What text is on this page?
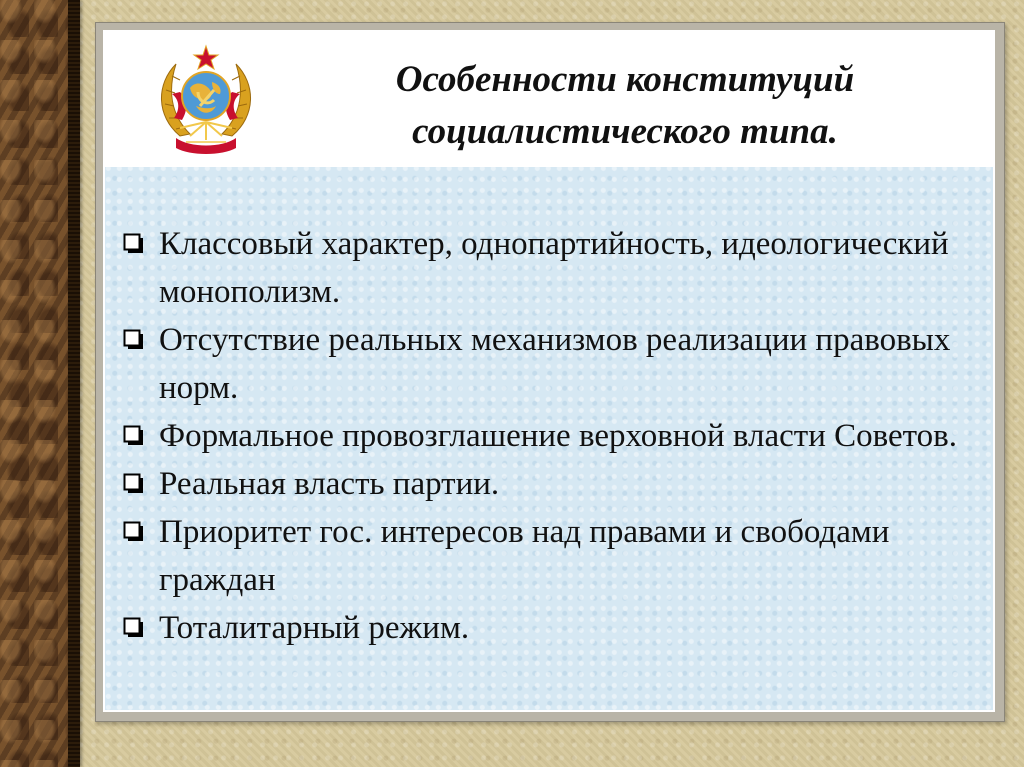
Особенности конституций
социалистического типа.
Классовый характер, однопартийность, идеологический монополизм.
Отсутствие реальных механизмов реализации правовых норм.
Формальное провозглашение верховной власти Советов.
Реальная власть партии.
Приоритет гос. интересов над правами и свободами граждан
Тоталитарный режим.
